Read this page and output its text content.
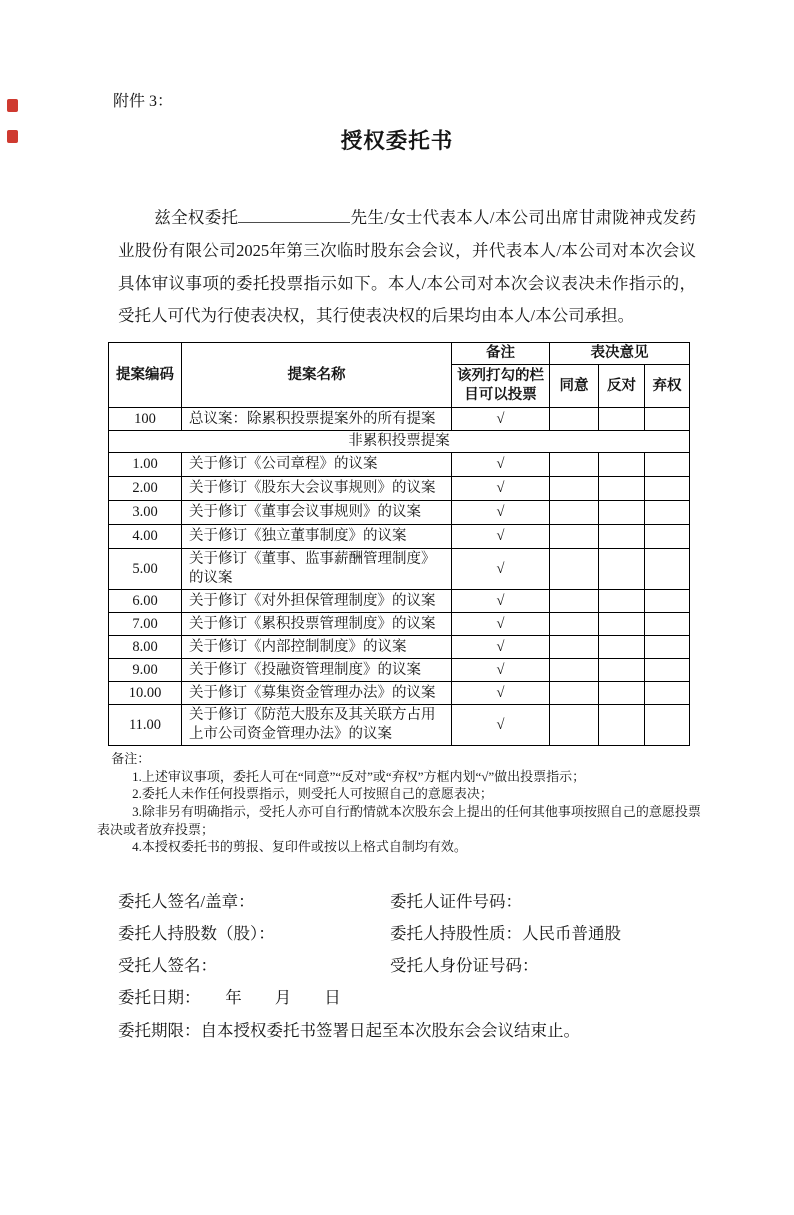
附件 3：
授权委托书

兹全权委托	先生/女士代表本人/本公司出席甘肃陇神戎发药业股份有限公司2025年第三次临时股东会会议，并代表本人/本公司对本次会议具体审议事项的委托投票指示如下。本人/本公司对本次会议表决未作指示的，受托人可代为行使表决权，其行使表决权的后果均由本人/本公司承担。

提案编码	提案名称	备注	表决意见		
		该列打勾的栏目可以投票	同意	反对	弃权
100	总议案：除累积投票提案外的所有提案	√			
非累积投票提案					
1.00	关于修订《公司章程》的议案	√			
2.00	关于修订《股东大会议事规则》的议案	√			
3.00	关于修订《董事会议事规则》的议案	√			
4.00	关于修订《独立董事制度》的议案	√			
5.00	关于修订《董事、监事薪酬管理制度》的议案	√			
6.00	关于修订《对外担保管理制度》的议案	√			
7.00	关于修订《累积投票管理制度》的议案	√			
8.00	关于修订《内部控制制度》的议案	√			
9.00	关于修订《投融资管理制度》的议案	√			
10.00	关于修订《募集资金管理办法》的议案	√			
11.00	关于修订《防范大股东及其关联方占用上市公司资金管理办法》的议案	√			
备注：
1.上述审议事项，委托人可在“同意”“反对”或“弃权”方框内划“√”做出投票指示；
2.委托人未作任何投票指示，则受托人可按照自己的意愿表决；
3.除非另有明确指示，受托人亦可自行酌情就本次股东会上提出的任何其他事项按照自己的意愿投票表决或者放弃投票；
4.本授权委托书的剪报、复印件或按以上格式自制均有效。
委托人签名/盖章：	委托人证件号码：
委托人持股数（股）：	委托人持股性质：人民币普通股
受托人签名：	受托人身份证号码：
委托日期：　　年　　月　　日
委托期限：自本授权委托书签署日起至本次股东会会议结束止。
